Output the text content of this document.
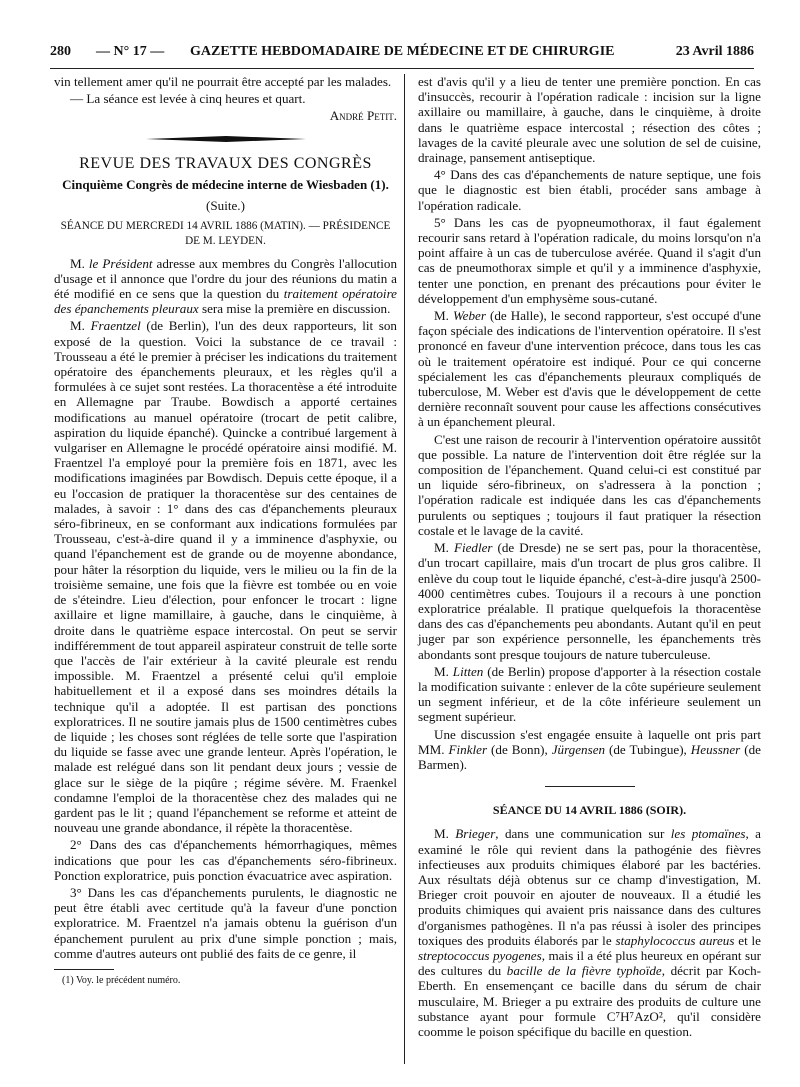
280 — N° 17 — GAZETTE HEBDOMADAIRE DE MÉDECINE ET DE CHIRURGIE	23 Avril 1886

vin tellement amer qu'il ne pourrait être accepté par les malades.

— La séance est levée à cinq heures et quart.

André Petit.

REVUE DES TRAVAUX DES CONGRÈS
Cinquième Congrès de médecine interne de Wiesbaden (1).
(Suite.)
SÉANCE DU MERCREDI 14 AVRIL 1886 (MATIN). — PRÉSIDENCE DE M. LEYDEN.

M. le Président adresse aux membres du Congrès l'allocution d'usage et il annonce que l'ordre du jour des réunions du matin a été modifié en ce sens que la question du traitement opératoire des épanchements pleuraux sera mise la première en discussion.

M. Fraentzel (de Berlin), l'un des deux rapporteurs, lit son exposé de la question. Voici la substance de ce travail : Trousseau a été le premier à préciser les indications du traitement opératoire des épanchements pleuraux, et les règles qu'il a formulées à ce sujet sont restées. La thoracentèse a été introduite en Allemagne par Traube. Bowdisch a apporté certaines modifications au manuel opératoire (trocart de petit calibre, aspiration du liquide épanché). Quincke a contribué largement à vulgariser en Allemagne le procédé opératoire ainsi modifié. M. Fraentzel l'a employé pour la première fois en 1871, avec les modifications imaginées par Bowdisch. Depuis cette époque, il a eu l'occasion de pratiquer la thoracentèse sur des centaines de malades, à savoir : 1° dans des cas d'épanchements pleuraux séro-fibrineux, en se conformant aux indications formulées par Trousseau, c'est-à-dire quand il y a imminence d'asphyxie, ou quand l'épanchement est de grande ou de moyenne abondance, pour hâter la résorption du liquide, vers le milieu ou la fin de la troisième semaine, une fois que la fièvre est tombée ou en voie de s'éteindre. Lieu d'élection, pour enfoncer le trocart : ligne axillaire et ligne mamillaire, à gauche, dans le cinquième, à droite dans le quatrième espace intercostal. On peut se servir indifféremment de tout appareil aspirateur construit de telle sorte que l'accès de l'air extérieur à la cavité pleurale est rendu impossible. M. Fraentzel a présenté celui qu'il emploie habituellement et il a exposé dans ses moindres détails la technique qu'il a adoptée. Il est partisan des ponctions exploratrices. Il ne soutire jamais plus de 1500 centimètres cubes de liquide ; les choses sont réglées de telle sorte que l'aspiration du liquide se fasse avec une grande lenteur. Après l'opération, le malade est relégué dans son lit pendant deux jours ; vessie de glace sur le siège de la piqûre ; régime sévère. M. Fraenkel condamne l'emploi de la thoracentèse chez des malades qui ne gardent pas le lit ; quand l'épanchement se reforme et atteint de nouveau une grande abondance, il répète la thoracentèse.

2° Dans des cas d'épanchements hémorrhagiques, mêmes indications que pour les cas d'épanchements séro-fibrineux. Ponction exploratrice, puis ponction évacuatrice avec aspiration.

3° Dans les cas d'épanchements purulents, le diagnostic ne peut être établi avec certitude qu'à la faveur d'une ponction exploratrice. M. Fraentzel n'a jamais obtenu la guérison d'un épanchement purulent au prix d'une simple ponction ; mais, comme d'autres auteurs ont publié des faits de ce genre, il

(1) Voy. le précédent numéro.

est d'avis qu'il y a lieu de tenter une première ponction. En cas d'insuccès, recourir à l'opération radicale : incision sur la ligne axillaire ou mamillaire, à gauche, dans le cinquième, à droite dans le quatrième espace intercostal ; résection des côtes ; lavages de la cavité pleurale avec une solution de sel de cuisine, drainage, pansement antiseptique.

4° Dans des cas d'épanchements de nature septique, une fois que le diagnostic est bien établi, procéder sans ambage à l'opération radicale.

5° Dans les cas de pyopneumothorax, il faut également recourir sans retard à l'opération radicale, du moins lorsqu'on n'a point affaire à un cas de tuberculose avérée. Quand il s'agit d'un cas de pneumothorax simple et qu'il y a imminence d'asphyxie, tenter une ponction, en prenant des précautions pour éviter le développement d'un emphysème sous-cutané.

M. Weber (de Halle), le second rapporteur, s'est occupé d'une façon spéciale des indications de l'intervention opératoire. Il s'est prononcé en faveur d'une intervention précoce, dans tous les cas où le traitement opératoire est indiqué. Pour ce qui concerne spécialement les cas d'épanchements pleuraux compliqués de tuberculose, M. Weber est d'avis que le développement de cette dernière reconnaît souvent pour cause les affections consécutives à un épanchement pleural.

C'est une raison de recourir à l'intervention opératoire aussitôt que possible. La nature de l'intervention doit être réglée sur la composition de l'épanchement. Quand celui-ci est constitué par un liquide séro-fibrineux, on s'adressera à la ponction ; l'opération radicale est indiquée dans les cas d'épanchements purulents ou septiques ; toujours il faut pratiquer la résection costale et le lavage de la cavité.

M. Fiedler (de Dresde) ne se sert pas, pour la thoracentèse, d'un trocart capillaire, mais d'un trocart de plus gros calibre. Il enlève du coup tout le liquide épanché, c'est-à-dire jusqu'à 2500-4000 centimètres cubes. Toujours il a recours à une ponction exploratrice préalable. Il pratique quelquefois la thoracentèse dans des cas d'épanchements peu abondants. Autant qu'il en peut juger par son expérience personnelle, les épanchements très abondants sont presque toujours de nature tuberculeuse.

M. Litten (de Berlin) propose d'apporter à la résection costale la modification suivante : enlever de la côte supérieure seulement un segment inférieur, et de la côte inférieure seulement un segment supérieur.

Une discussion s'est engagée ensuite à laquelle ont pris part MM. Finkler (de Bonn), Jürgensen (de Tubingue), Heussner (de Barmen).

SÉANCE DU 14 AVRIL 1886 (SOIR).

M. Brieger, dans une communication sur les ptomaïnes, a examiné le rôle qui revient dans la pathogénie des fièvres infectieuses aux produits chimiques élaboré par les bactéries. Aux résultats déjà obtenus sur ce champ d'investigation, M. Brieger croit pouvoir en ajouter de nouveaux. Il a étudié les produits chimiques qui avaient pris naissance dans des cultures d'organismes pathogènes. Il n'a pas réussi à isoler des principes toxiques des produits élaborés par le staphylococcus aureus et le streptococcus pyogenes, mais il a été plus heureux en opérant sur des cultures du bacille de la fièvre typhoïde, décrit par Koch-Eberth. En ensemençant ce bacille dans du sérum de chair musculaire, M. Brieger a pu extraire des produits de culture une substance ayant pour formule C⁷H⁷AzO², qu'il considère coomme le poison spécifique du bacille en question.
